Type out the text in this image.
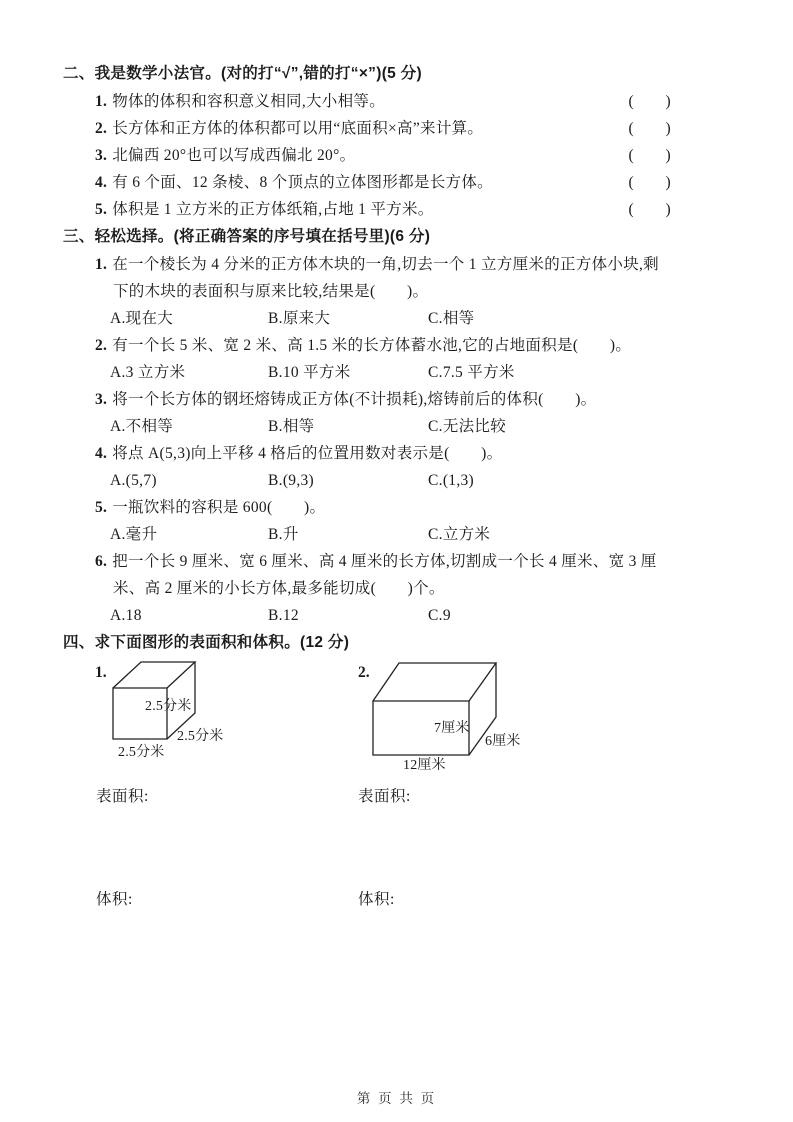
二、我是数学小法官。(对的打“√”,错的打“×”)(5 分)
1. 物体的体积和容积意义相同,大小相等。	(　　)
2. 长方体和正方体的体积都可以用“底面积×高”来计算。	(　　)
3. 北偏西 20°也可以写成西偏北 20°。	(　　)
4. 有 6 个面、12 条棱、8 个顶点的立体图形都是长方体。	(　　)
5. 体积是 1 立方米的正方体纸箱,占地 1 平方米。	(　　)
三、轻松选择。(将正确答案的序号填在括号里)(6 分)

1. 在一个棱长为 4 分米的正方体木块的一角,切去一个 1 立方厘米的正方体小块,剩下的木块的表面积与原来比较,结果是(　　)。

A.现在大	B.原来大	C.相等

2. 有一个长 5 米、宽 2 米、高 1.5 米的长方体蓄水池,它的占地面积是(　　)。

A.3 立方米	B.10 平方米	C.7.5 平方米

3. 将一个长方体的钢坯熔铸成正方体(不计损耗),熔铸前后的体积(　　)。

A.不相等	B.相等	C.无法比较

4. 将点 A(5,3)向上平移 4 格后的位置用数对表示是(　　)。

A.(5,7)	B.(9,3)	C.(1,3)

5. 一瓶饮料的容积是 600(　　)。

A.毫升	B.升	C.立方米

6. 把一个长 9 厘米、宽 6 厘米、高 4 厘米的长方体,切割成一个长 4 厘米、宽 3 厘米、高 2 厘米的小长方体,最多能切成(　　)个。

A.18	B.12	C.9
四、求下面图形的表面积和体积。(12 分)
1.
2.5分米
2.5分米
2.5分米
2.
7厘米
6厘米
12厘米
表面积:	表面积:
体积:	体积:
第 页 共 页
